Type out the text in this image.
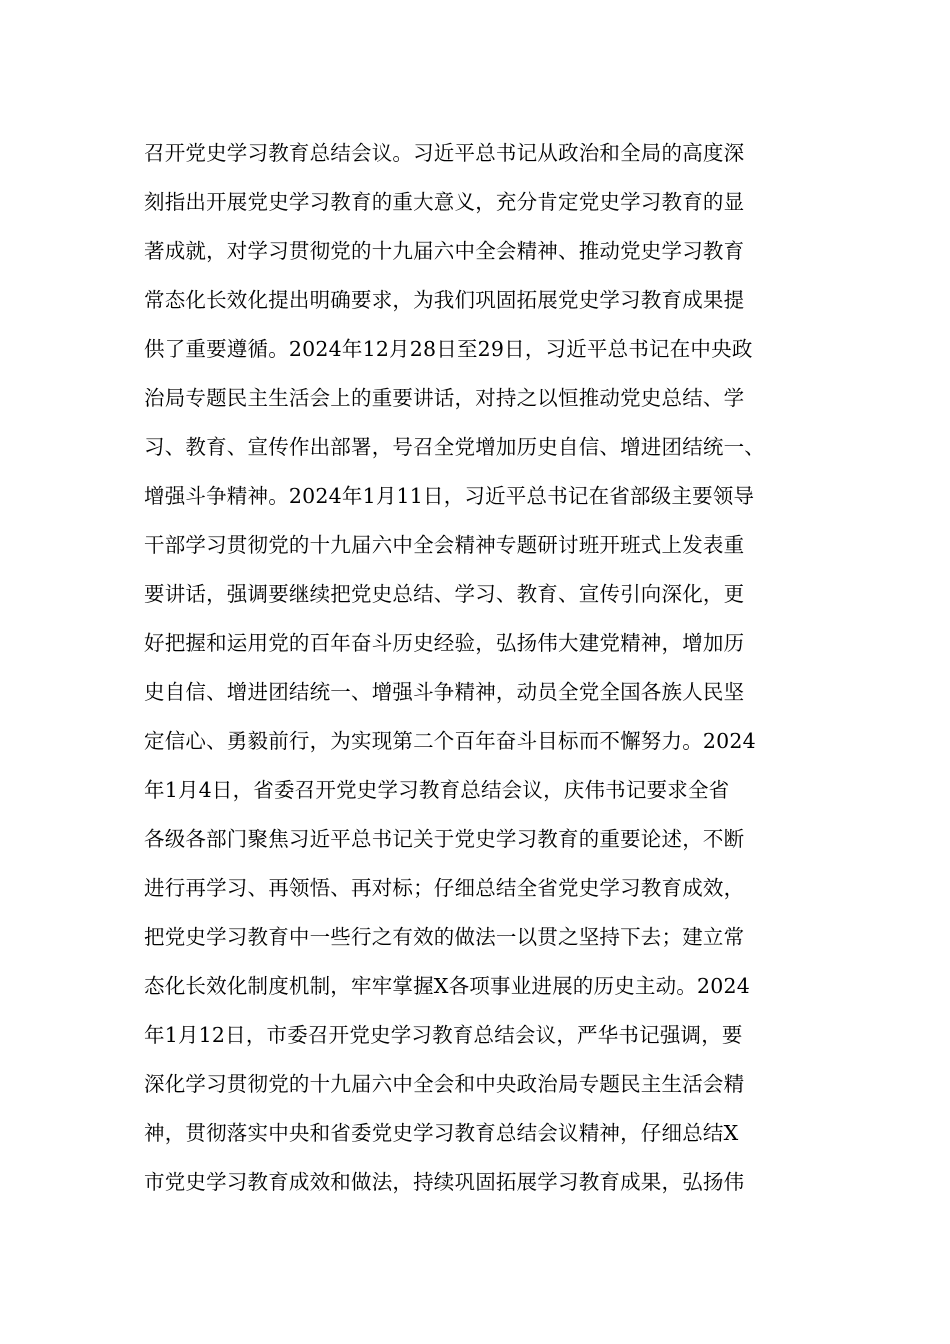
召开党史学习教育总结会议。习近平总书记从政治和全局的高度深
刻指出开展党史学习教育的重大意义，充分肯定党史学习教育的显
著成就，对学习贯彻党的十九届六中全会精神、推动党史学习教育
常态化长效化提出明确要求，为我们巩固拓展党史学习教育成果提
供了重要遵循。2024年12月28日至29日，习近平总书记在中央政
治局专题民主生活会上的重要讲话，对持之以恒推动党史总结、学
习、教育、宣传作出部署，号召全党增加历史自信、增进团结统一、
增强斗争精神。2024年1月11日，习近平总书记在省部级主要领导
干部学习贯彻党的十九届六中全会精神专题研讨班开班式上发表重
要讲话，强调要继续把党史总结、学习、教育、宣传引向深化，更
好把握和运用党的百年奋斗历史经验，弘扬伟大建党精神，增加历
史自信、增进团结统一、增强斗争精神，动员全党全国各族人民坚
定信心、勇毅前行，为实现第二个百年奋斗目标而不懈努力。2024
年1月4日，省委召开党史学习教育总结会议，庆伟书记要求全省
各级各部门聚焦习近平总书记关于党史学习教育的重要论述，不断
进行再学习、再领悟、再对标；仔细总结全省党史学习教育成效，
把党史学习教育中一些行之有效的做法一以贯之坚持下去；建立常
态化长效化制度机制，牢牢掌握X各项事业进展的历史主动。2024
年1月12日，市委召开党史学习教育总结会议，严华书记强调，要
深化学习贯彻党的十九届六中全会和中央政治局专题民主生活会精
神，贯彻落实中央和省委党史学习教育总结会议精神，仔细总结X
市党史学习教育成效和做法，持续巩固拓展学习教育成果，弘扬伟
